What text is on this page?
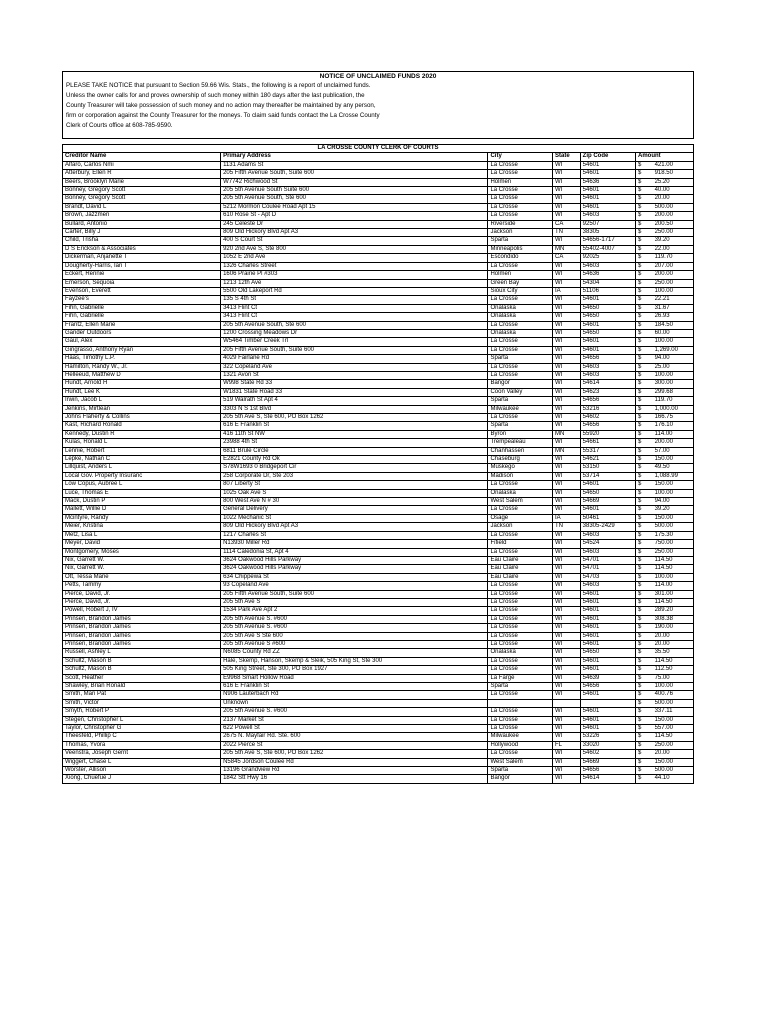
NOTICE OF UNCLAIMED FUNDS 2020
PLEASE TAKE NOTICE that pursuant to Section 59.66 Wis. Stats., the following is a report of unclaimed funds.
Unless the owner calls for and proves ownership of such money within 180 days after the last publication, the
County Treasurer will take possession of such money and no action may thereafter be maintained by any person,
firm or corporation against the County Treasurer for the moneys. To claim said funds contact the La Crosse County
Clerk of Courts office at 608-785-9590.
LA CROSSE COUNTY CLERK OF COURTS						
Creditor Name	Primary Address	City	State	Zip Code	Amount	
Alfaro, Carlos Nmi	1131 Adams St	La Crosse	WI	54601	$	421.00
Atterbury, Ellen R	205 Fifth Avenue South, Suite 600	La Crosse	WI	54601	$	918.50
Beers, Brooklyn Marie	W7742 Richwood St	Holmen	WI	54636	$	25.20
Bonney, Gregory Scott	205 5th Avenue South Suite 600	La Crosse	WI	54601	$	40.00
Bonney, Gregory Scott	205 5th Avenue South, Ste 600	La Crosse	WI	54601	$	20.00
Brandt, David L	5212 Mormon Coulee Road Apt 15	La Crosse	WI	54601	$	500.00
Brown, Jazzmen	610 Rose St - Apt D	La Crosse	WI	54603	$	200.00
Bullard, Antonio	245 Celeste Dr	Riverside	CA	92507	$	200.50
Carter, Billy J	809 Old Hickory Blvd Apt A3	Jackson	TN	38305	$	250.00
Child, Trisha	400 S Court St	Sparta	WI	54656-1717	$	39.20
D S Erickson & Associates	920 2nd Ave S, Ste 800	Minneapolis	MN	55402-4007	$	22.00
Dickerman, Anjanette T	1052 E 2nd Ave	Escondido	CA	92025	$	119.70
Dougherty-Harris, Ian T	1326 Charles Street	La Crosse	WI	54603	$	207.00
Eckert, Rennie	1606 Prairie Pl #303	Holmen	WI	54636	$	200.00
Emerson, Sequoia	1213 12th Ave	Green Bay	WI	54304	$	250.00
Evenson, Everett	5500 Old Lakeport Rd	Sioux City	IA	51106	$	100.00
Fayzee's	135 S 4th St	La Crosse	WI	54601	$	22.21
Fihn, Gabrielle	3413 Flint Ct	Onalaska	WI	54650	$	31.67
Fihn, Gabrielle	3413 Flint Ct	Onalaska	WI	54650	$	26.93
Frantz, Ellen Marie	205 5th Avenue South, Ste 600	La Crosse	WI	54601	$	184.50
Gander Outdoors	1200 Crossing Meadows Dr	Onalaska	WI	54650	$	60.00
Gaul, Alex	W5464 Timber Creek Trl	La Crosse	WI	54601	$	100.00
Gingrasso, Anthony Ryan	205 Fifth Avenue South, Suite 600	La Crosse	WI	54601	$	1,269.00
Haas, Timothy L.P.	4029 Fairlane Rd	Sparta	WI	54656	$	94.00
Hamilton, Randy W., Jr.	322 Copeland Ave	La Crosse	WI	54603	$	25.00
Helleeud, Matthew D	1321 Avon St	La Crosse	WI	54603	$	100.00
Hundt, Arnold H	W998 State Rd 33	Bangor	WI	54614	$	300.00
Hundt, Lee K	W1831 State Road 33	Coon Valley	WI	54623	$	299.68
Irwin, Jacob L	519 Walrath St Apt 4	Sparta	WI	54656	$	119.70
Jenkins, Mirtlean	3303 N S 1st Blvd	Milwaukee	WI	53216	$	1,000.00
Johns Flaherty & Collins	205 5th Ave S, Ste 600, PO Box 1262	La Crosse	WI	54602	$	166.75
Kast, Richard Ronald	616 E Franklin St	Sparta	WI	54656	$	176.10
Kennedy, Dustin R	416 11th St NW	Byron	MN	55920	$	114.00
Kulas, Ronald L	23988 4th St	Trempealeau	WI	54661	$	200.00
Lennie, Robert	6811 Brule Circle	Chanhassen	MN	55317	$	57.00
Lepke, Nathan C	E2821 County Rd Ok	Chaseburg	WI	54621	$	150.00
Lillquist, Anders L	S78W1693 0 Bridgeport Cir	Muskego	WI	53150	$	49.50
Local Gov. Property Insuranc	258 Corporate Dr, Ste 203	Madison	WI	53714	$	1,088.99
Low Copus, Aubree L	807 Liberty St	La Crosse	WI	54601	$	150.00
Luce, Thomas E	1025 Oak Ave S	Onalaska	WI	54650	$	100.00
Mack, Dustin P	800 West Ave N # 30	West Salem	WI	54669	$	94.00
Mallett, Willie D	General Delivery	La Crosse	WI	54601	$	39.20
Mcintyre, Randy	1022 Mechanic St	Osage	IA	50461	$	150.00
Meier, Kristina	809 Old Hickory Blvd Apt A3	Jackson	TN	38305-2429	$	500.00
Metz, Lisa L	1217 Charles St	La Crosse	WI	54603	$	175.30
Meyer, David	N13930 Miller Rd	Fifield	WI	54524	$	750.00
Montgomery, Moses	1114 Caledonia St, Apt 4	La Crosse	WI	54603	$	250.00
Nix, Garrett W.	3624 Oakwood Hills Parkway	Eau Claire	WI	54701	$	114.50
Nix, Garrett W.	3624 Oakwood Hills Parkway	Eau Claire	WI	54701	$	114.50
Ott, Tessa Marie	634 Chippewa St	Eau Claire	WI	54703	$	100.00
Petts, Tammy	93 Copeland Ave	La Crosse	WI	54603	$	114.00
Pierce, David, Jr.	205 Fifth Avenue South, Suite 600	La Crosse	WI	54601	$	301.00
Pierce, David, Jr.	205 5th Ave S	La Crosse	WI	54601	$	114.50
Powell, Robert J, IV	1534 Park Ave Apt 2	La Crosse	WI	54601	$	289.20
Prinsen, Brandon James	205 5th Avenue S. #600	La Crosse	WI	54601	$	308.38
Prinsen, Brandon James	205 5th Avenue S. #600	La Crosse	WI	54601	$	190.00
Prinsen, Brandon James	205 5th Ave S Ste 600	La Crosse	WI	54601	$	20.00
Prinsen, Brandon James	205 5th Avenue S #600	La Crosse	WI	54601	$	20.00
Russell, Ashley L	N6085 County Rd ZZ	Onalaska	WI	54650	$	35.50
Schultz, Mason B	Hale, Skemp, Hanson, Skemp & Sleik, 505 King St, Ste 300	La Crosse	WI	54601	$	114.50
Schultz, Mason B	505 King Street, Ste 300, PO Box 1927	La Crosse	WI	54601	$	112.50
Scott, Heather	E9968 Smart Hollow Road	La Farge	WI	54639	$	75.00
Shawley, Brian Ronald	616 E Franklin St	Sparta	WI	54656	$	100.00
Smith, Mari Pat	N906 Lauterbach Rd	La Crosse	WI	54601	$	400.76
Smith, Victor	Unknown				$	500.00
Smyth, Robert P	205 5th Avenue S. #600	La Crosse	WI	54601	$	337.11
Stegen, Christopher L	2137 Market St	La Crosse	WI	54601	$	150.00
Taylor, Christopher G	622 Powell St	La Crosse	WI	54601	$	557.00
Theesfeld, Phillip C	2675 N. Mayfair Rd. Ste. 600	Milwaukee	WI	53226	$	114.50
Thomas, Yvora	2022 Pierce St	Hollywood	FL	33020	$	250.00
Veenstra, Joseph Gerrit	205 5th Ave S, Ste 600, PO Box 1262	La Crosse	WI	54602	$	20.00
Wiggert, Chase L	N5845 Jordson Coulee Rd	West Salem	WI	54669	$	150.00
Worster, Allison	13196 Grandview Rd	Sparta	WI	54656	$	500.00
Xiong, Chuefue J	1842 Stt Hwy 16	Bangor	WI	54614	$	44.10
